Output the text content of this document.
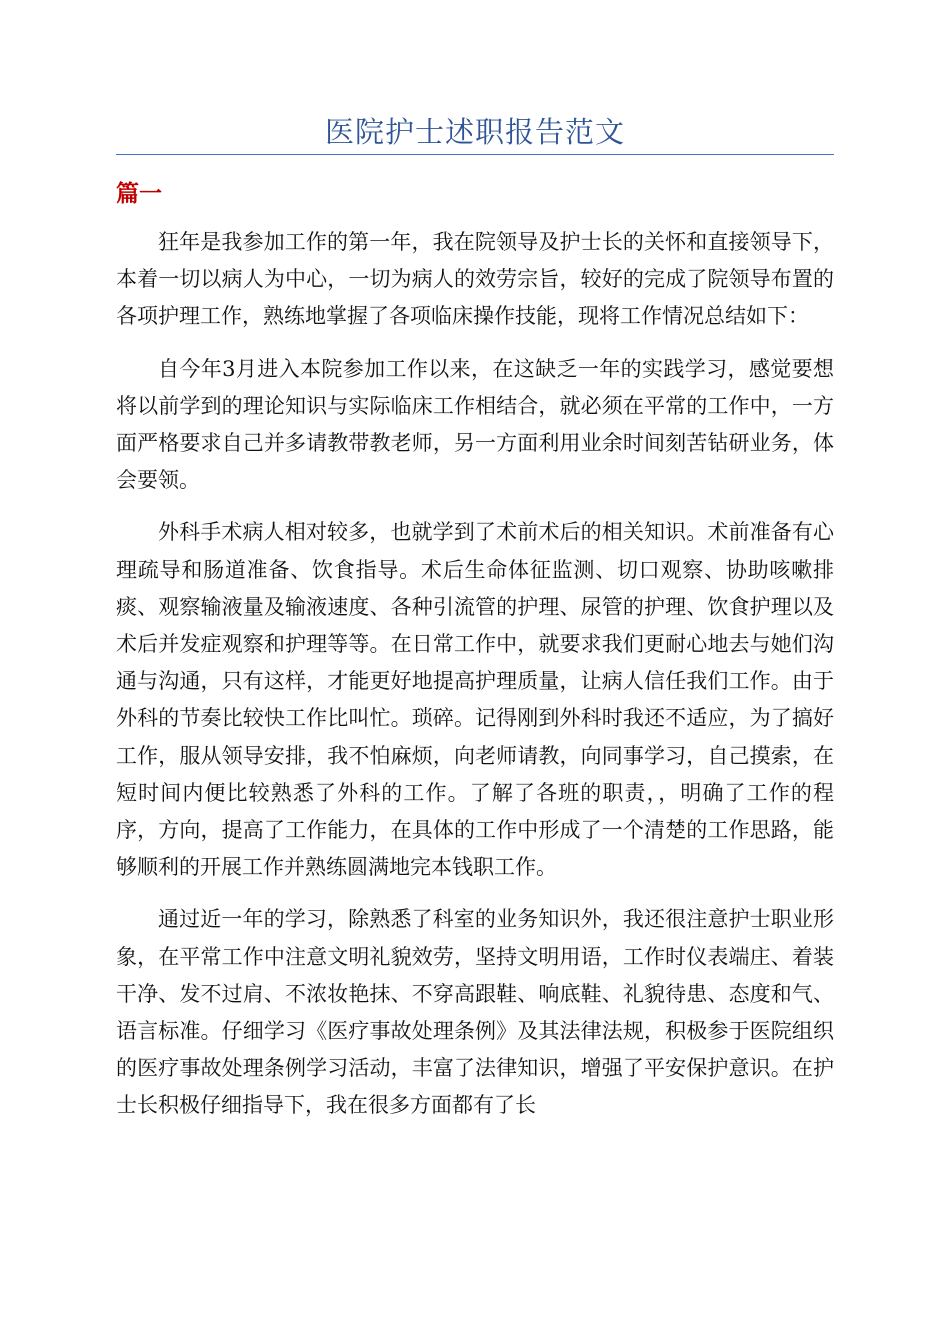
医院护士述职报告范文
篇一

狂年是我参加工作的第一年，我在院领导及护士长的关怀和直接领导下，本着一切以病人为中心，一切为病人的效劳宗旨，较好的完成了院领导布置的各项护理工作，熟练地掌握了各项临床操作技能，现将工作情况总结如下：

自今年3月进入本院参加工作以来，在这缺乏一年的实践学习，感觉要想将以前学到的理论知识与实际临床工作相结合，就必须在平常的工作中，一方面严格要求自己并多请教带教老师，另一方面利用业余时间刻苦钻研业务，体会要领。

外科手术病人相对较多，也就学到了术前术后的相关知识。术前准备有心理疏导和肠道准备、饮食指导。术后生命体征监测、切口观察、协助咳嗽排痰、观察输液量及输液速度、各种引流管的护理、尿管的护理、饮食护理以及术后并发症观察和护理等等。在日常工作中，就要求我们更耐心地去与她们沟通与沟通，只有这样，才能更好地提高护理质量，让病人信任我们工作。由于外科的节奏比较快工作比叫忙。琐碎。记得刚到外科时我还不适应，为了搞好工作，服从领导安排，我不怕麻烦，向老师请教，向同事学习，自己摸索，在短时间内便比较熟悉了外科的工作。了解了各班的职责，，明确了工作的程序，方向，提高了工作能力，在具体的工作中形成了一个清楚的工作思路，能够顺利的开展工作并熟练圆满地完本钱职工作。

通过近一年的学习，除熟悉了科室的业务知识外，我还很注意护士职业形象，在平常工作中注意文明礼貌效劳，坚持文明用语，工作时仪表端庄、着装干净、发不过肩、不浓妆艳抹、不穿高跟鞋、响底鞋、礼貌待患、态度和气、语言标准。仔细学习《医疗事故处理条例》及其法律法规，积极参于医院组织的医疗事故处理条例学习活动，丰富了法律知识，增强了平安保护意识。在护士长积极仔细指导下，我在很多方面都有了长
